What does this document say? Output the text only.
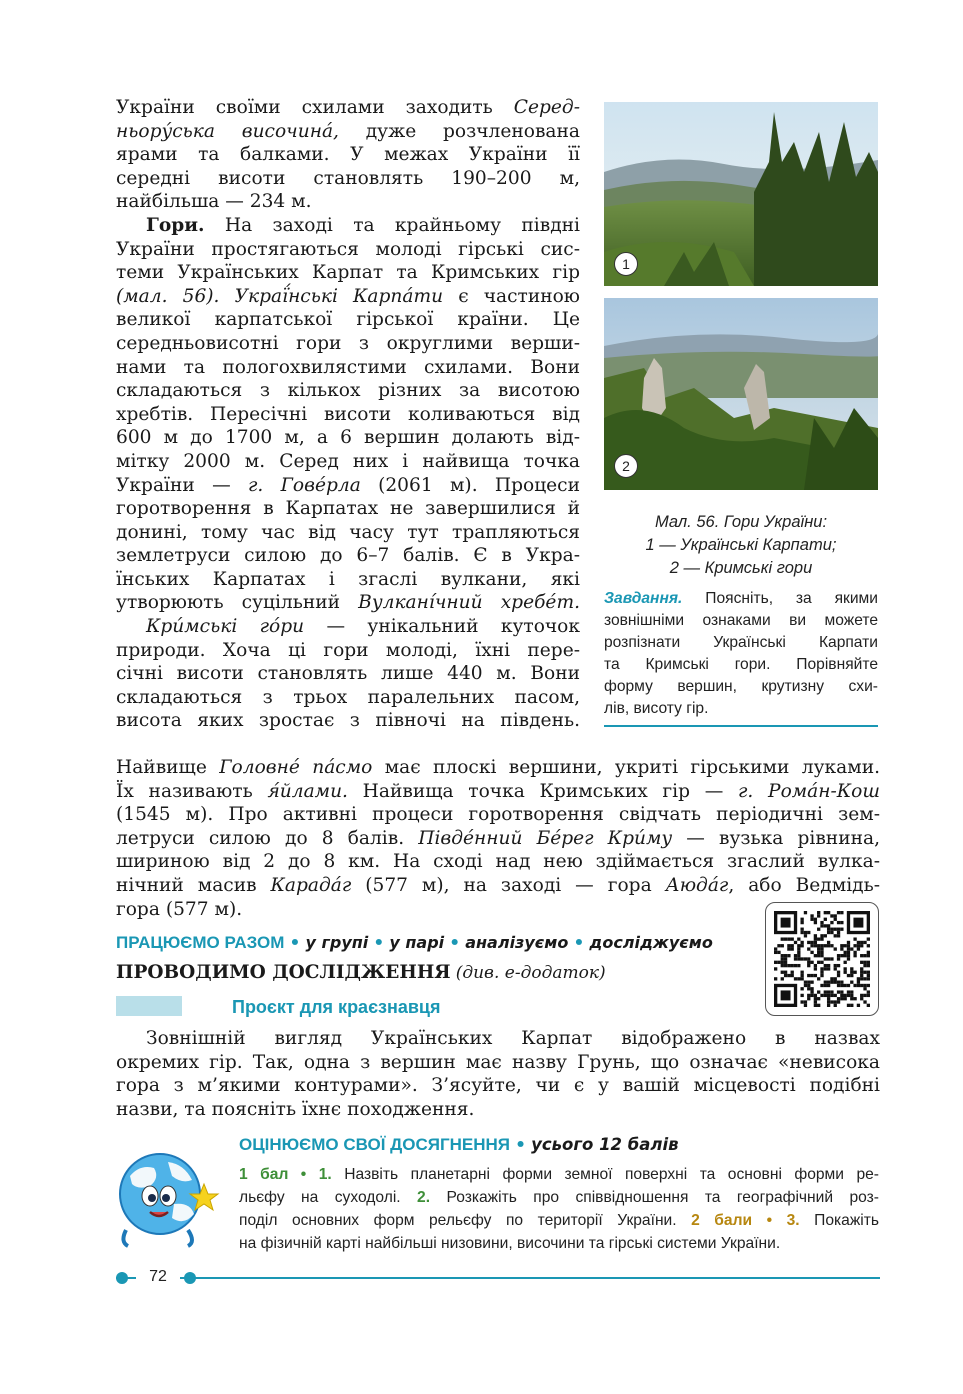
України своїми схилами заходить Серед-
ньору́ська височина́, дуже розчленована
ярами та балками. У межах України її
середні висоти становлять 190–200 м,
найбільша — 234 м.
Гори. На заході та крайньому півдні
України простягаються молоді гірські сис-
теми Українських Карпат та Кримських гір
(мал. 56). Украї́нські Карпа́ти є частиною
великої карпатської гірської країни. Це
середньовисотні гори з округлими верши-
нами та пологохвилястими схилами. Вони
складаються з кількох різних за висотою
хребтів. Пересічні висоти коливаються від
600 м до 1700 м, а 6 вершин долають від-
мітку 2000 м. Серед них і найвища точка
України — г. Гове́рла (2061 м). Процеси
горотворення в Карпатах не завершилися й
донині, тому час від часу тут трапляються
землетруси силою до 6–7 балів. Є в Укра-
їнських Карпатах і згаслі вулкани, які
утворюють суцільний Вулкані́чний хребе́т.
Кри́мські го́ри — унікальний куточок
природи. Хоча ці гори молоді, їхні пере-
січні висоти становлять лише 440 м. Вони
складаються з трьох паралельних пасом,
висота яких зростає з півночі на південь.
Найвище Головне́ па́смо має плоскі вершини, укриті гірськими луками.
Їх називають я́йлами. Найвища точка Кримських гір — г. Рома́н-Кош
(1545 м). Про активні процеси горотворення свідчать періодичні зем-
летруси силою до 8 балів. Півде́нний Бе́рег Кри́му — вузька рівнина,
шириною від 2 до 8 км. На сході над нею здіймається згаслий вулка-
нічний масив Карада́г (577 м), на заході — гора Аюда́г, або Ведмідь-
гора (577 м).
1
2
Мал. 56. Гори України:
1 — Українські Карпати;
2 — Кримські гори
Завдання. Поясніть, за якими
зовнішніми ознаками ви можете
розпізнати Українські Карпати
та Кримські гори. Порівняйте
форму вершин, крутизну схи-
лів, висоту гір.
ПРАЦЮЄМО РАЗОМ • у групі • у парі • аналізуємо • досліджуємо
ПРОВОДИМО ДОСЛІДЖЕННЯ (див. е-додаток)
Проєкт для краєзнавця
Зовнішній вигляд Українських Карпат відображено в назвах
окремих гір. Так, одна з вершин має назву Грунь, що означає «невисока
гора з м’якими контурами». З’ясуйте, чи є у вашій місцевості подібні
назви, та поясніть їхнє походження.
ОЦІНЮЄМО СВОЇ ДОСЯГНЕННЯ • усього 12 балів
1 бал • 1. Назвіть планетарні форми земної поверхні та основні форми ре-
льєфу на суходолі. 2. Розкажіть про співвідношення та географічний роз-
поділ основних форм рельєфу по території України. 2 бали • 3. Покажіть
на фізичній карті найбільші низовини, височини та гірські системи України.
72
